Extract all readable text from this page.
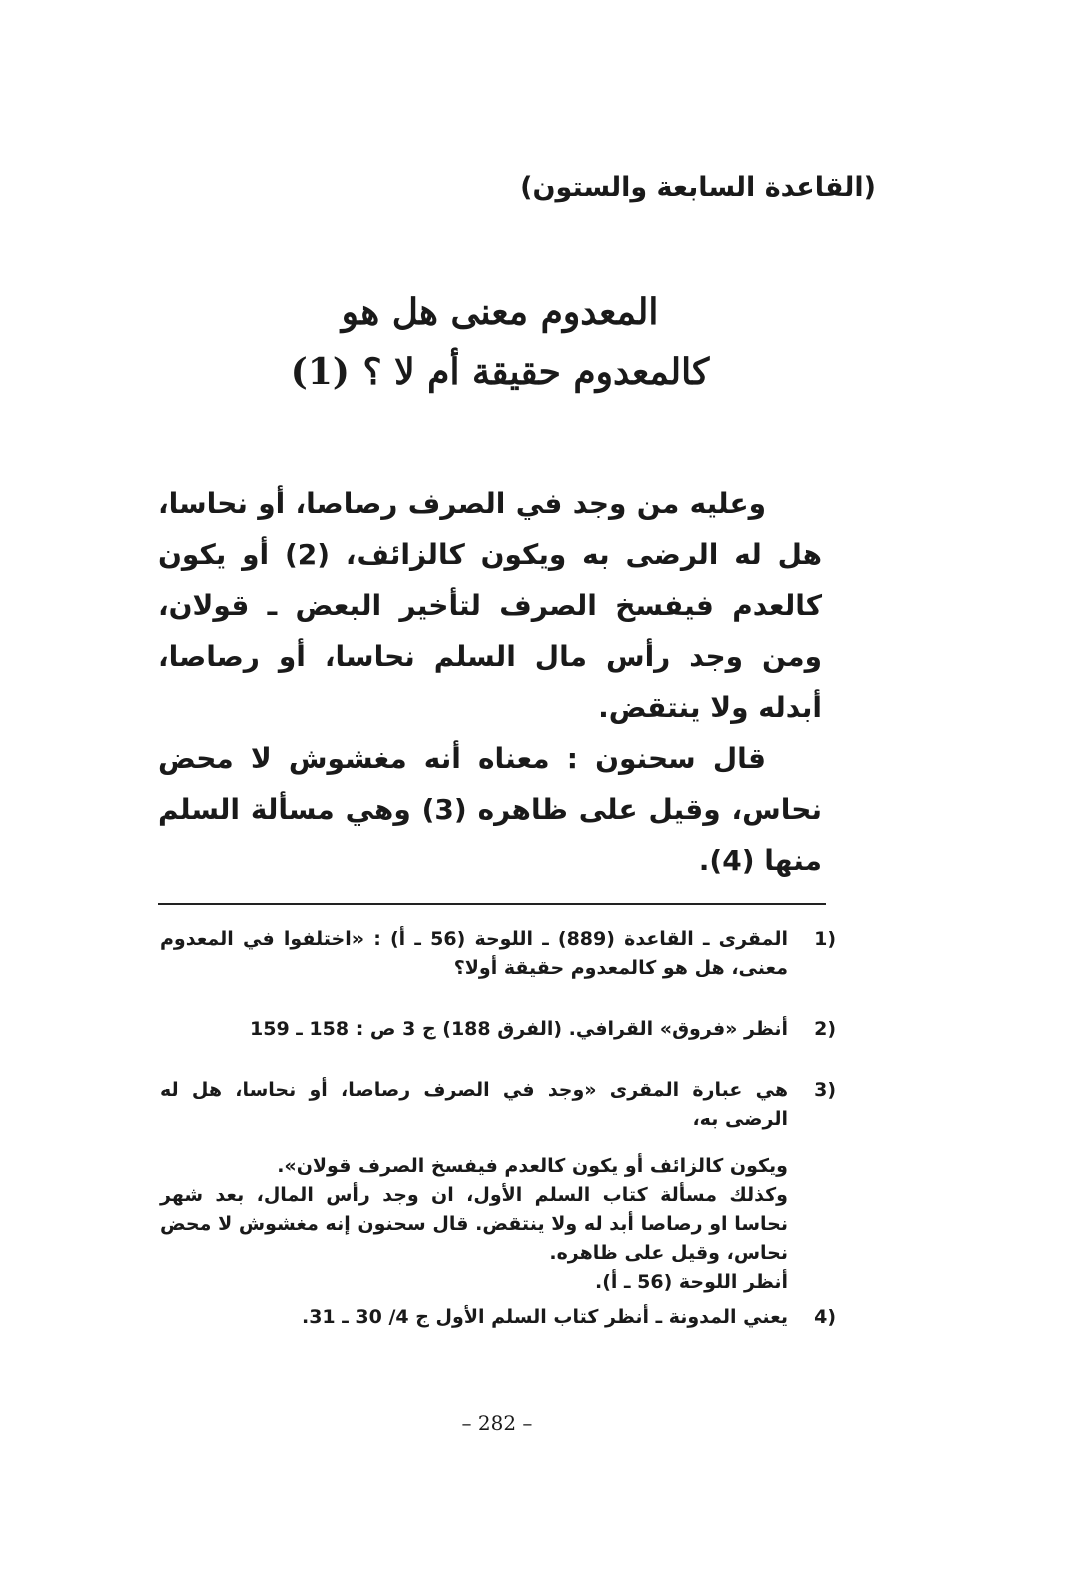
(القاعدة السابعة والستون)
المعدوم معنى هل هو
كالمعدوم حقيقة أم لا ؟ (1)

وعليه من وجد في الصرف رصاصا، أو نحاسا، هل له الرضى به ويكون كالزائف، (2) أو يكون كالعدم فيفسخ الصرف لتأخير البعض ـ قولان، ومن وجد رأس مال السلم نحاسا، أو رصاصا، أبدله ولا ينتقض.

قال سحنون : معناه أنه مغشوش لا محض نحاس، وقيل على ظاهره (3) وهي مسألة السلم منها (4).

1)

المقرى ـ القاعدة (889) ـ اللوحة (56 ـ أ) : «اختلفوا في المعدوم معنى، هل هو كالمعدوم حقيقة أولا؟

2)

أنظر «فروق» القرافي. (الفرق 188) ج 3 ص : 158 ـ 159

3)

هي عبارة المقرى «وجد في الصرف رصاصا، أو نحاسا، هل له الرضى به،

ويكون كالزائف أو يكون كالعدم فيفسخ الصرف قولان».

وكذلك مسألة كتاب السلم الأول، ان وجد رأس المال، بعد شهر نحاسا او رصاصا أبد له ولا ينتقض. قال سحنون إنه مغشوش لا محض نحاس، وقيل على ظاهره.

أنظر اللوحة (56 ـ أ).

4)

يعني المدونة ـ أنظر كتاب السلم الأول ج 4/ 30 ـ 31.

– 282 –
